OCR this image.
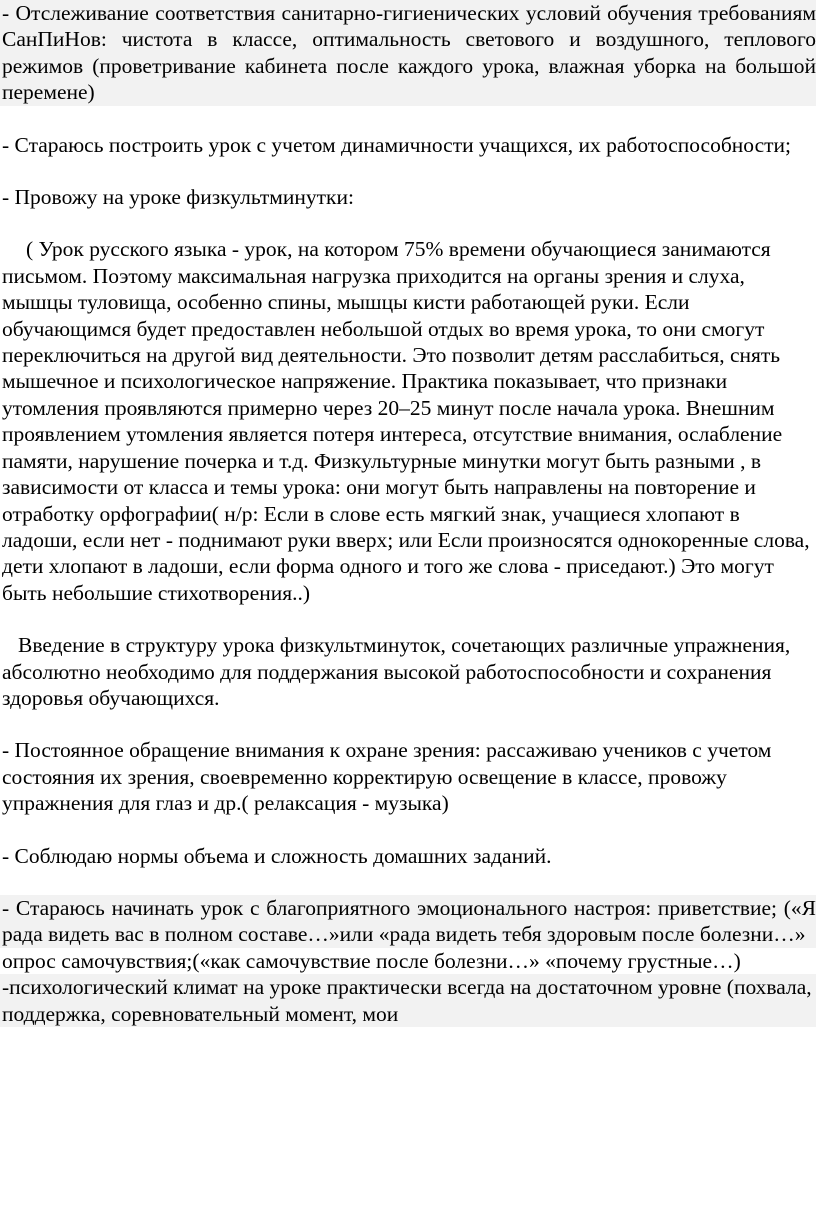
- Отслеживание соответствия санитарно-гигиенических условий обучения требованиям СанПиНов: чистота в классе, оптимальность светового и воздушного, теплового режимов (проветривание кабинета после каждого урока, влажная уборка на большой перемене)

- Стараюсь построить урок с учетом динамичности учащихся, их работоспособности;

- Провожу на уроке физкультминутки:

( Урок русского языка - урок, на котором 75% времени обучающиеся занимаются письмом. Поэтому максимальная нагрузка приходится на органы зрения и слуха, мышцы туловища, особенно спины, мышцы кисти работающей руки. Если обучающимся будет предоставлен небольшой отдых во время урока, то они смогут переключиться на другой вид деятельности. Это позволит детям расслабиться, снять мышечное и психологическое напряжение. Практика показывает, что признаки утомления проявляются примерно через 20–25 минут после начала урока. Внешним проявлением утомления является потеря интереса, отсутствие внимания, ослабление памяти, нарушение почерка и т.д. Физкультурные минутки могут быть разными , в зависимости от класса и темы урока: они могут быть направлены на повторение и отработку орфографии( н/р: Если в слове есть мягкий знак, учащиеся хлопают в ладоши, если нет - поднимают руки вверх; или Если произносятся однокоренные слова, дети хлопают в ладоши, если форма одного и того же слова - приседают.) Это могут быть небольшие стихотворения..)

Введение в структуру урока физкультминуток, сочетающих различные упражнения, абсолютно необходимо для поддержания высокой работоспособности и сохранения здоровья обучающихся.

- Постоянное обращение внимания к охране зрения: рассаживаю учеников с учетом состояния их зрения, своевременно корректирую освещение в классе, провожу упражнения для глаз и др.( релаксация - музыка)

- Соблюдаю нормы объема и сложность домашних заданий.

- Стараюсь начинать урок с благоприятного эмоционального настроя: приветствие; («Я рада видеть вас в полном составе…»или «рада видеть тебя здоровым после болезни…»

опрос самочувствия;(«как самочувствие после болезни…» «почему грустные…)

-психологический климат на уроке практически всегда на достаточном уровне (похвала, поддержка, соревновательный момент, мои
